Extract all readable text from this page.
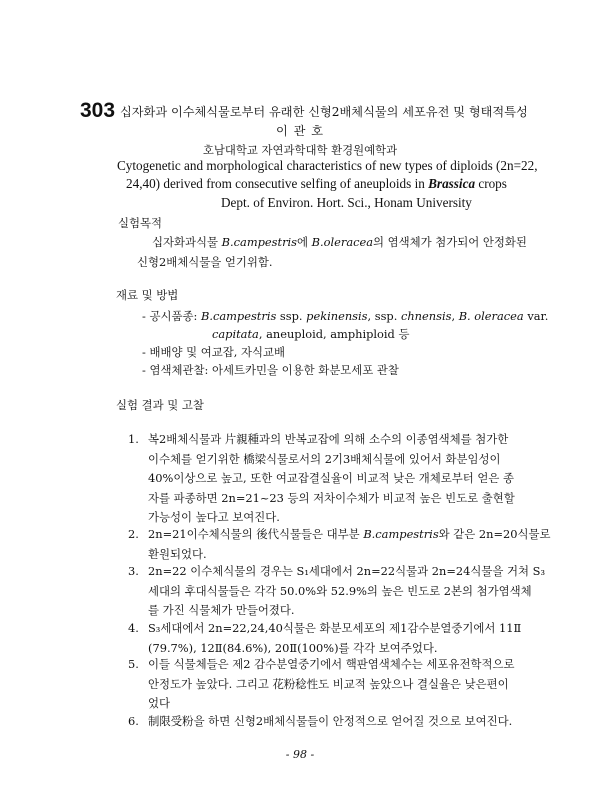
303 십자화과 이수체식물로부터 유래한 신형2배체식물의 세포유전 및 형태적특성
이 관 호
호남대학교 자연과학대학 환경원예학과
Cytogenetic and morphological characteristics of new types of diploids (2n=22,
24,40) derived from consecutive selfing of aneuploids in Brassica crops
Dept. of Environ. Hort. Sci., Honam University
실험목적
십자화과식물 B.campestris에 B.oleracea의 염색체가 첨가되어 안정화된
신형2배체식물을 얻기위함.
재료 및 방법
- 공시품종: B.campestris ssp. pekinensis, ssp. chnensis, B. oleracea var.
capitata, aneuploid, amphiploid 등
- 배배양 및 여교잡, 자식교배
- 염색체관찰: 아세트카민을 이용한 화분모세포 관찰
실험 결과 및 고찰
1. 복2배체식물과 片親種과의 반복교잡에 의해 소수의 이종염색체를 첨가한
이수체를 얻기위한 橋梁식물로서의 2기3배체식물에 있어서 화분임성이
40%이상으로 높고, 또한 여교잡결실율이 비교적 낮은 개체로부터 얻은 종
자를 파종하면 2n=21~23 등의 저차이수체가 비교적 높은 빈도로 출현할
가능성이 높다고 보여진다.
2. 2n=21이수체식물의 後代식물들은 대부분 B.campestris와 같은 2n=20식물로
환원되었다.
3. 2n=22 이수체식물의 경우는 S₁세대에서 2n=22식물과 2n=24식물을 거쳐 S₃
세대의 후대식물들은 각각 50.0%와 52.9%의 높은 빈도로 2본의 첨가염색체
를 가진 식물체가 만들어졌다.
4. S₃세대에서 2n=22,24,40식물은 화분모세포의 제1감수분열중기에서 11Ⅱ
(79.7%), 12Ⅱ(84.6%), 20Ⅱ(100%)를 각각 보여주었다.
5. 이들 식물체들은 제2 감수분열중기에서 핵판염색체수는 세포유전학적으로
안정도가 높았다. 그리고 花粉稔性도 비교적 높았으나 결실율은 낮은편이
었다
6. 制限受粉을 하면 신형2배체식물들이 안정적으로 얻어질 것으로 보여진다.
- 98 -
